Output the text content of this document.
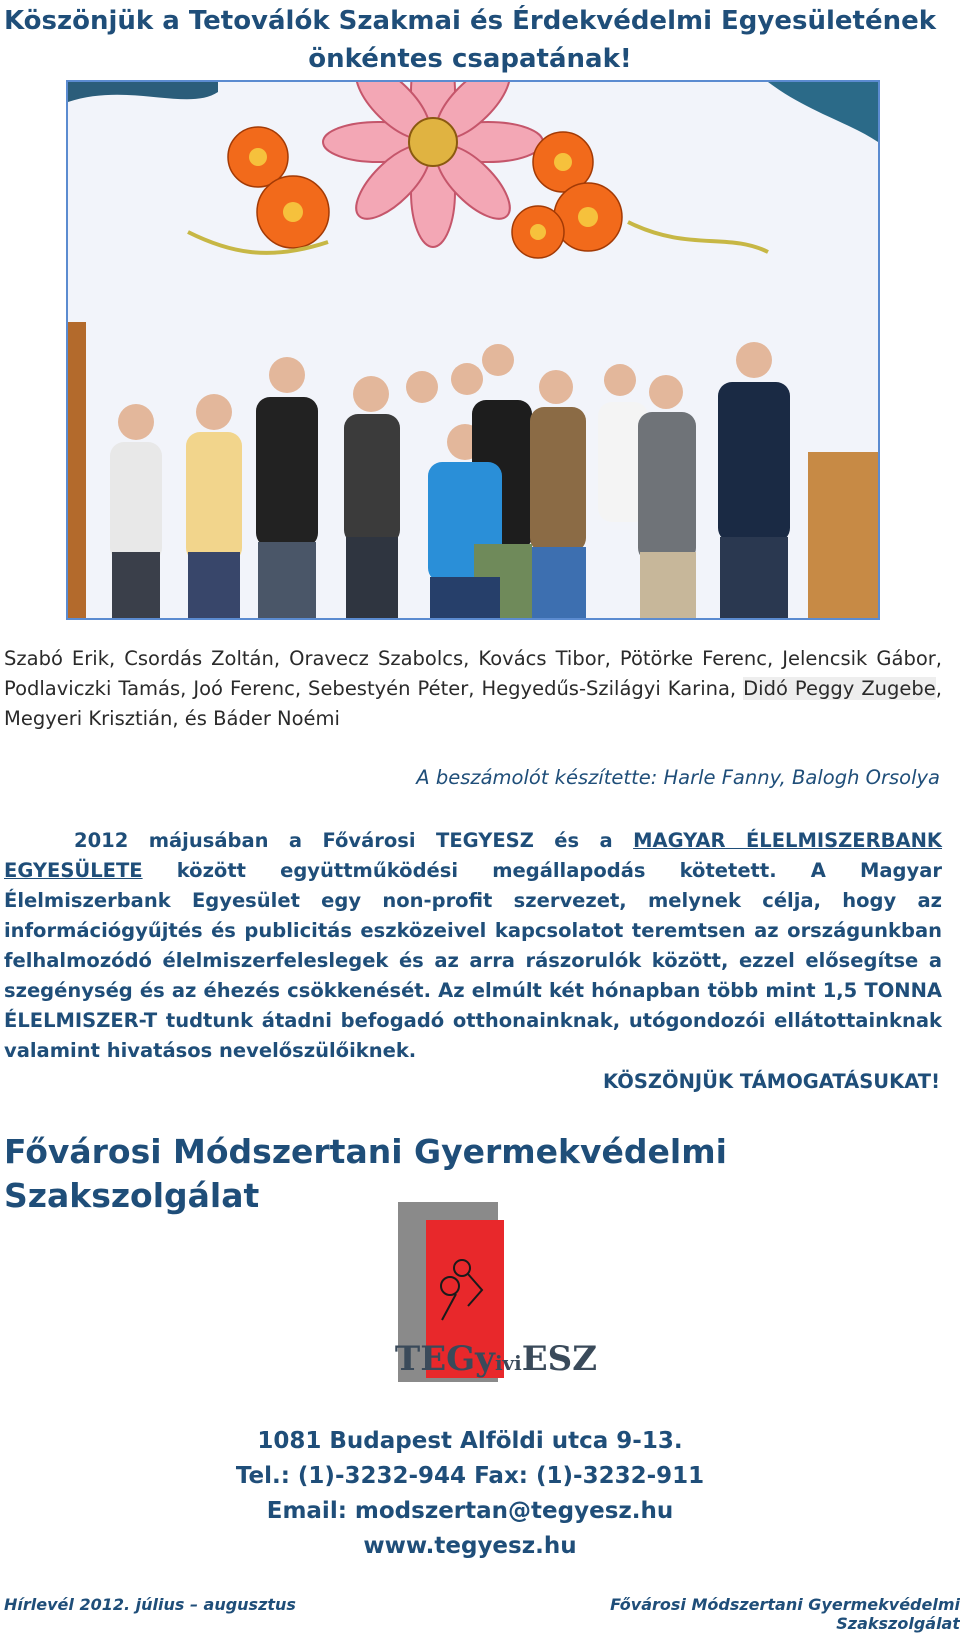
Köszönjük a Tetoválók Szakmai és Érdekvédelmi Egyesületének
önkéntes csapatának!
Szabó Erik, Csordás Zoltán, Oravecz Szabolcs, Kovács Tibor, Pötörke Ferenc, Jelencsik Gábor, Podlaviczki Tamás, Joó Ferenc, Sebestyén Péter, Hegyedűs-Szilágyi Karina, Didó Peggy Zugebe, Megyeri Krisztián, és Báder Noémi
A beszámolót készítette: Harle Fanny, Balogh Orsolya

2012 májusában a Fővárosi TEGYESZ és a MAGYAR ÉLELMISZERBANK EGYESÜLETE között együttműködési megállapodás kötetett. A Magyar Élelmiszerbank Egyesület egy non-profit szervezet, melynek célja, hogy az információgyűjtés és publicitás eszközeivel kapcsolatot teremtsen az országunkban felhalmozódó élelmiszerfeleslegek és az arra rászorulók között, ezzel elősegítse a szegénység és az éhezés csökkenését. Az elmúlt két hónapban több mint 1,5 TONNA ÉLELMISZER-T tudtunk átadni befogadó otthonainknak, utógondozói ellátottainknak valamint hivatásos nevelőszülőiknek.

KÖSZÖNJÜK TÁMOGATÁSUKAT!
Fővárosi Módszertani Gyermekvédelmi Szakszolgálat
TEGyiviESZ
1081 Budapest Alföldi utca 9-13.
Tel.: (1)-3232-944 Fax: (1)-3232-911
Email: modszertan@tegyesz.hu
www.tegyesz.hu
Hírlevél 2012. július – augusztus	Fővárosi Módszertani Gyermekvédelmi Szakszolgálat
